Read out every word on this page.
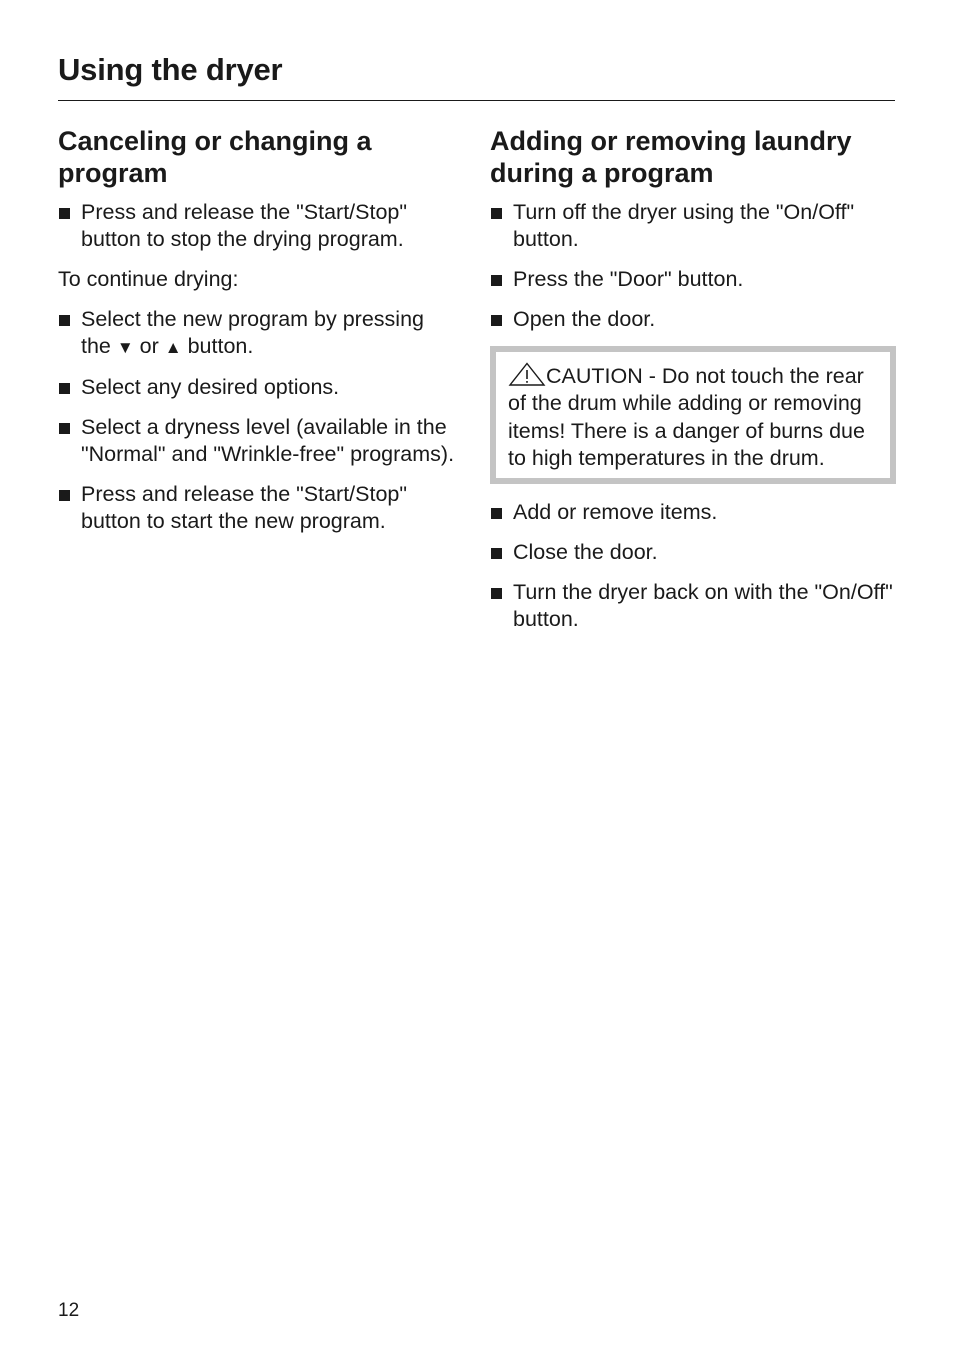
Using the dryer
Canceling or changing a program
Press and release the "Start/Stop" button to stop the drying program.

To continue drying:

Select the new program by pressing the ▼ or ▲ button.
Select any desired options.
Select a dryness level (available in the "Normal" and "Wrinkle-free" programs).
Press and release the "Start/Stop" button to start the new program.
Adding or removing laundry during a program
Turn off the dryer using the "On/Off" button.
Press the "Door" button.
Open the door.
CAUTION - Do not touch the rear of the drum while adding or removing items! There is a danger of burns due to high temperatures in the drum.
Add or remove items.
Close the door.
Turn the dryer back on with the "On/Off" button.

12
